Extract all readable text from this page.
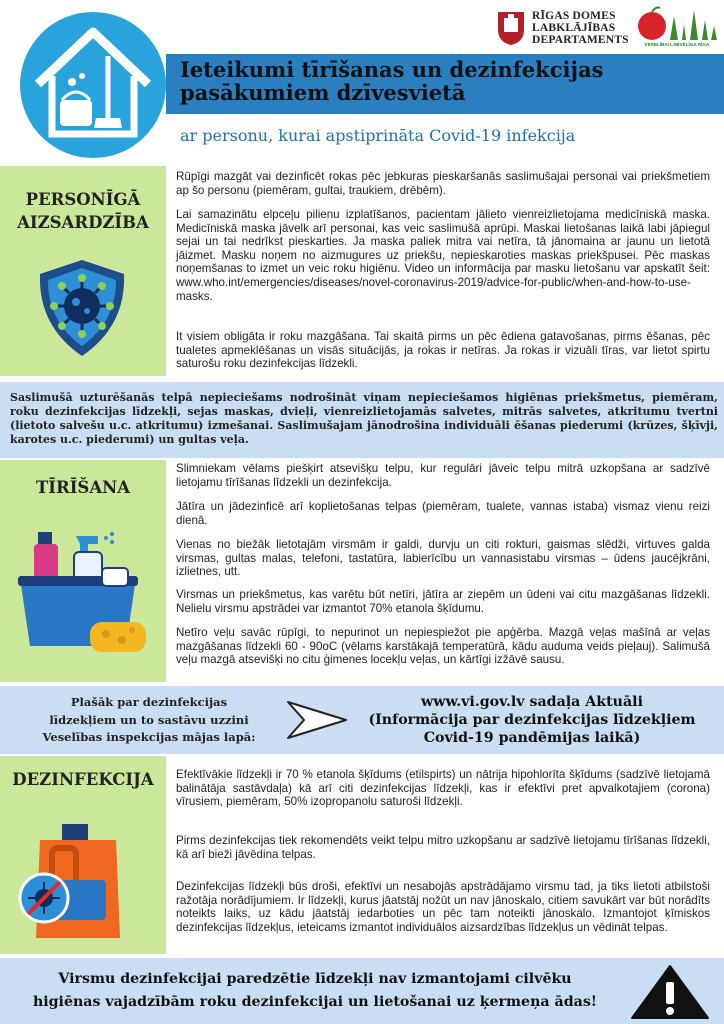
Ieteikumi tīrīšanas un dezinfekcijas pasākumiem dzīvesvietā
ar personu, kurai apstiprināta Covid-19 infekcija
RĪGAS DOMES
LABKLĀJĪBAS
DEPARTAMENTS	VESELĪBAI LABVĒLĪGA RĪGA
PERSONĪGĀ
AIZSARDZĪBA
Rūpīgi mazgāt vai dezinficēt rokas pēc jebkuras pieskaršanās saslimušajai personai vai priekšmetiem ap šo personu (piemēram, gultai, traukiem, drēbēm).
Lai samazinātu elpceļu pilienu izplatīšanos, pacientam jālieto vienreizlietojama medicīniskā maska. Medicīniskā maska jāvelk arī personai, kas veic saslimušā aprūpi. Maskai lietošanas laikā labi jāpiegul sejai un tai nedrīkst pieskarties. Ja maska paliek mitra vai netīra, tā jānomaina ar jaunu un lietotā jāizmet. Masku noņem no aizmugures uz priekšu, nepieskaroties maskas priekšpusei. Pēc maskas noņemšanas to izmet un veic roku higiēnu. Video un informācija par masku lietošanu var apskatīt šeit: www.who.int/emergencies/diseases/novel-coronavirus-2019/advice-for-public/when-and-how-to-use-masks.
It visiem obligāta ir roku mazgāšana. Tai skaitā pirms un pēc ēdiena gatavošanas, pirms ēšanas, pēc tualetes apmeklēšanas un visās situācijās, ja rokas ir netīras. Ja rokas ir vizuāli tīras, var lietot spirtu saturošu roku dezinfekcijas līdzekli.

Saslimušā uzturēšanās telpā nepieciešams nodrošināt viņam nepieciešamos higiēnas priekšmetus, piemēram, roku dezinfekcijas līdzekļi, sejas maskas, dvieļi, vienreizlietojamās salvetes, mitrās salvetes, atkritumu tvertni (lietoto salvešu u.c. atkritumu) izmešanai. Saslimušajam jānodrošina individuāli ēšanas piederumi (krūzes, šķīvji, karotes u.c. piederumi) un gultas veļa.

TĪRĪŠANA
Slimniekam vēlams piešķirt atsevišķu telpu, kur regulāri jāveic telpu mitrā uzkopšana ar sadzīvē lietojamu tīrīšanas līdzekli un dezinfekcija.
Jātīra un jādezinficē arī koplietošanas telpas (piemēram, tualete, vannas istaba) vismaz vienu reizi dienā.
Vienas no biežāk lietotajām virsmām ir galdi, durvju un citi rokturi, gaismas slēdži, virtuves galda virsmas, gultas malas, telefoni, tastatūra, labierīcību un vannasistabu virsmas – ūdens jaucējkrāni, izlietnes, utt.
Virsmas un priekšmetus, kas varētu būt netīri, jātīra ar ziepēm un ūdeni vai citu mazgāšanas līdzekli. Nelielu virsmu apstrādei var izmantot 70% etanola šķīdumu.
Netīro veļu savāc rūpīgi, to nepurinot un nepiespiežot pie apģērba. Mazgā veļas mašīnā ar veļas mazgāšanas līdzekli 60 - 90oC (vēlams karstākajā temperatūrā, kādu auduma veids pieļauj). Salimušā veļu mazgā atsevišķi no citu ģimenes locekļu veļas, un kārtīgi izžāvē sausu.
Plašāk par dezinfekcijas
līdzekļiem un to sastāvu uzzini
Veselības inspekcijas mājas lapā:
www.vi.gov.lv sadaļa Aktuāli
(Informācija par dezinfekcijas līdzekļiem
Covid-19 pandēmijas laikā)
DEZINFEKCIJA	Efektīvākie līdzekļi ir 70 % etanola šķīdums (etilspirts) un nātrija hipohlorīta šķīdums (sadzīvē lietojamā balinātāja sastāvdaļa) kā arī citi dezinfekcijas līdzekļi, kas ir efektīvi pret apvalkotajiem (corona) vīrusiem, piemēram, 50% izopropanolu saturoši līdzekļi.
Pirms dezinfekcijas tiek rekomendēts veikt telpu mitro uzkopšanu ar sadzīvē lietojamu tīrīšanas līdzekli, kā arī bieži jāvēdina telpas.
Dezinfekcijas līdzekļi būs droši, efektīvi un nesabojās apstrādājamo virsmu tad, ja tiks lietoti atbilstoši ražotāja norādījumiem. Ir līdzekļi, kurus jāatstāj nožūt un nav jānoskalo, citiem savukārt var būt norādīts noteikts laiks, uz kādu jāatstāj iedarboties un pēc tam noteikti jānoskalo. Izmantojot ķīmiskos dezinfekcijas līdzekļus, ieteicams izmantot individuālos aizsardzības līdzekļus un vēdināt telpas.

Virsmu dezinfekcijai paredzētie līdzekļi nav izmantojami cilvēku
higiēnas vajadzībām roku dezinfekcijai un lietošanai uz ķermeņa ādas!
